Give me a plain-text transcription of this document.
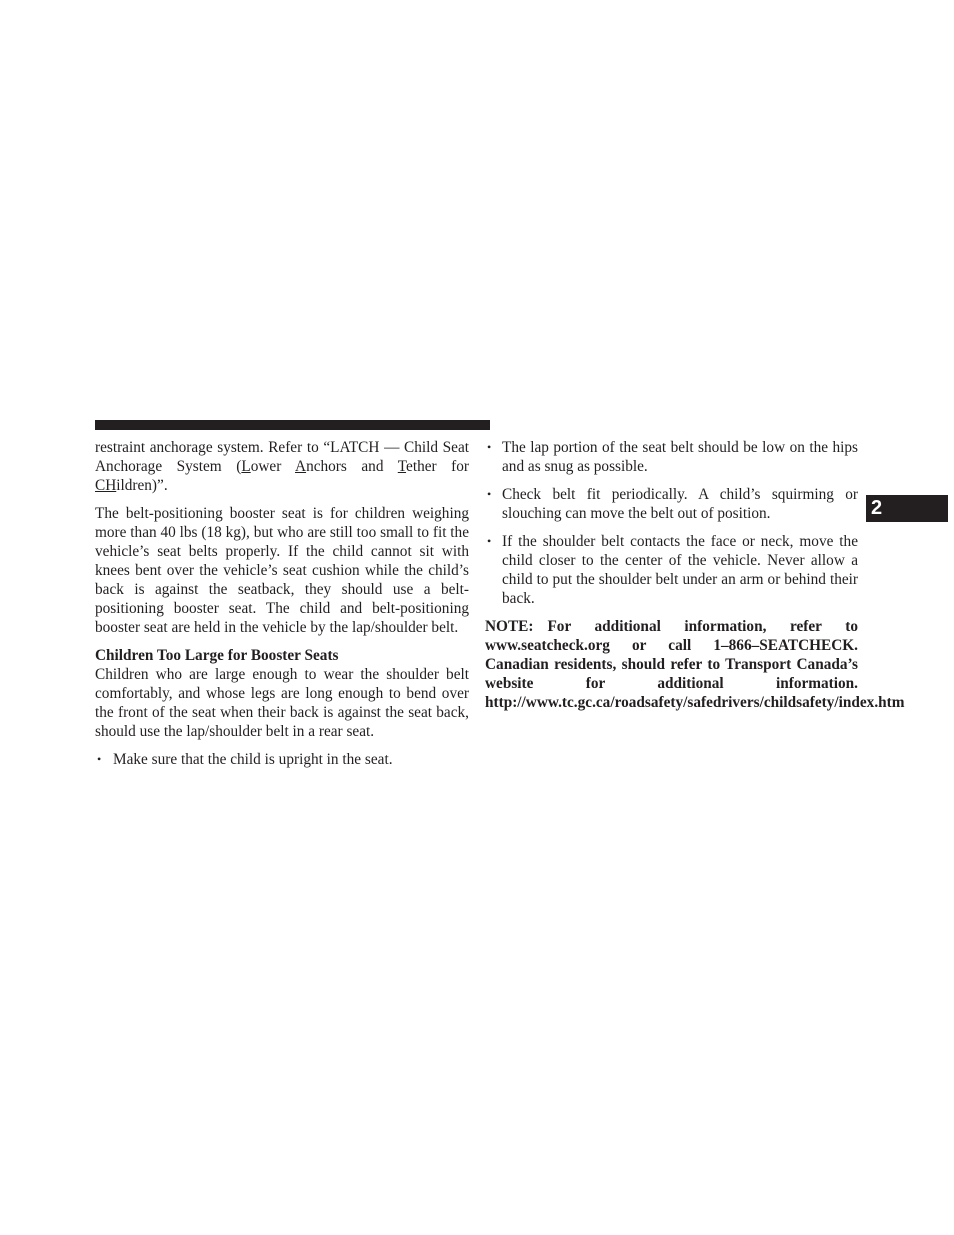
2

restraint anchorage system. Refer to “LATCH — Child Seat Anchorage System (Lower Anchors and Tether for CHildren)”.

The belt-positioning booster seat is for children weighing more than 40 lbs (18 kg), but who are still too small to fit the vehicle’s seat belts properly. If the child cannot sit with knees bent over the vehicle’s seat cushion while the child’s back is against the seatback, they should use a belt-positioning booster seat. The child and belt-positioning booster seat are held in the vehicle by the lap/shoulder belt.

Children Too Large for Booster Seats

Children who are large enough to wear the shoulder belt comfortably, and whose legs are long enough to bend over the front of the seat when their back is against the seat back, should use the lap/shoulder belt in a rear seat.

• Make sure that the child is upright in the seat.

• The lap portion of the seat belt should be low on the hips and as snug as possible.

• Check belt fit periodically. A child’s squirming or slouching can move the belt out of position.

• If the shoulder belt contacts the face or neck, move the child closer to the center of the vehicle. Never allow a child to put the shoulder belt under an arm or behind their back.

NOTE: For additional information, refer to www.seatcheck.org or call 1–866–SEATCHECK. Canadian residents, should refer to Transport Canada’s website for additional information. http://www.tc.gc.ca/roadsafety/safedrivers/childsafety/index.htm
